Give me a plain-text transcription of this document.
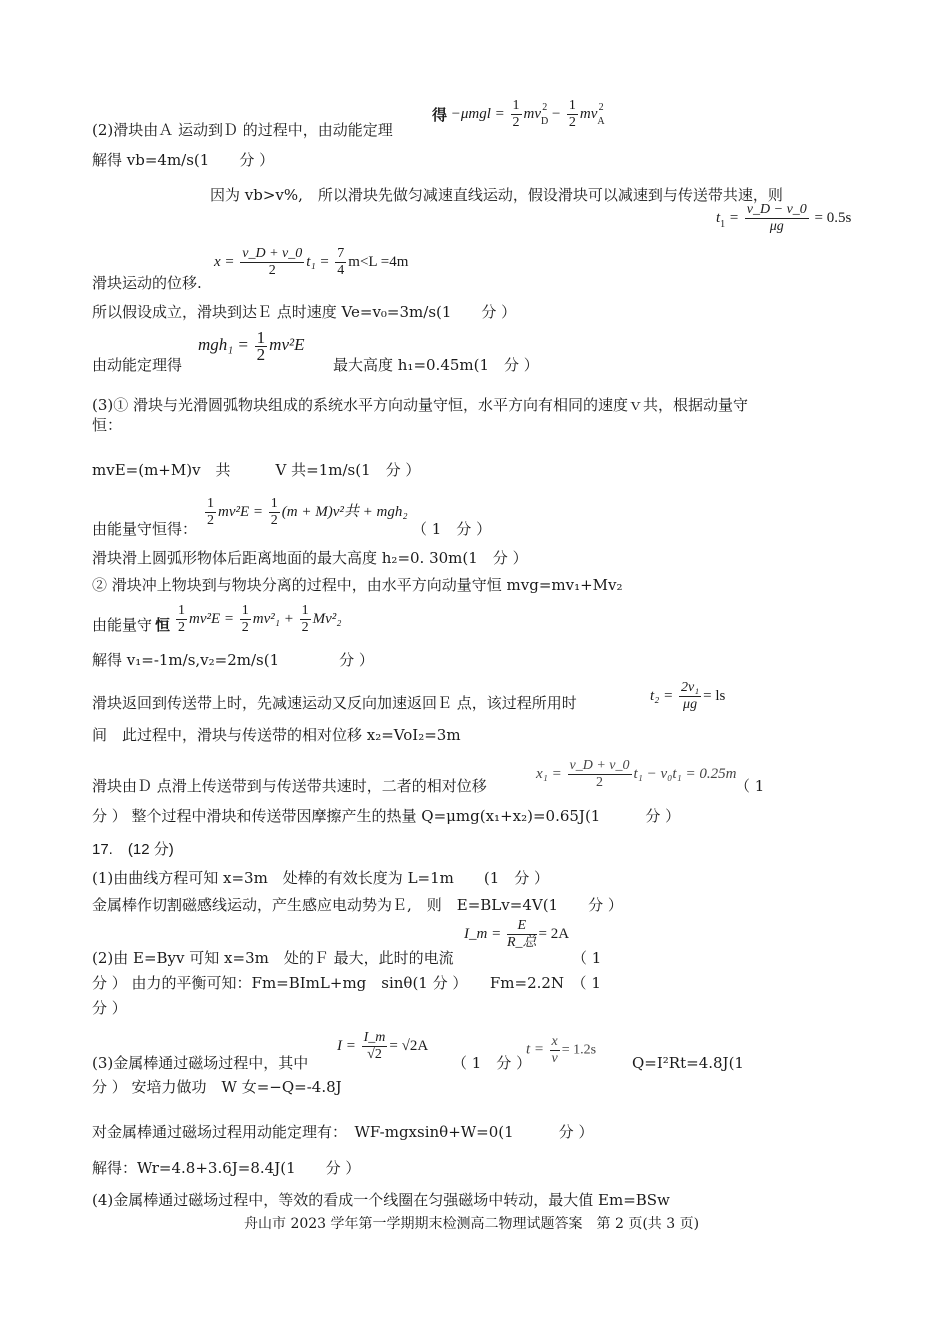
(2)滑块由Ａ 运动到Ｄ 的过程中，由动能定理
得 $-\mu mgl = \frac{1}{2} mv_D^2 - \frac{1}{2} mv_A^2$
解得 vb=4m/s(1　　分 ）
因为 vb>v%,　所以滑块先做匀减速直线运动，假设滑块可以减速到与传送带共速，则
$t_1 = \frac{v\_D - v\_0}{\mu g} = 0.5s$
滑块运动的位移.
$x = \frac{v\_D + v\_0}{2} t_1 = \frac{7}{4} m<L =4m$
所以假设成立，滑块到达Ｅ 点时速度 Ve=v₀=3m/s(1　　分 ）
由动能定理得
$mgh_1 = \frac{1}{2} mv^2E$
最大高度 h₁=0.45m(1　分 ）
(3)① 滑块与光滑圆弧物块组成的系统水平方向动量守恒，水平方向有相同的速度ｖ共，根据动量守
恒：
mvE=(m+M)v　共　　　V 共=1m/s(1　分 ）
由能量守恒得： $\frac{1}{2} mv^2E = \frac{1}{2} (m + M)v^2$共 + mgh₂
（ 1　分 ）
滑块滑上圆弧形物体后距离地面的最大高度 h₂=0. 30m(1　分 ）
② 滑块冲上物块到与物块分离的过程中，由水平方向动量守恒 mvg=mv₁+Mv₂
由能量守 恒 $\frac{1}{2} mv^2E = \frac{1}{2} mv^2_1 + \frac{1}{2} Mv^2_2$
解得 v₁=-1m/s,v₂=2m/s(1　　　　分 ）
滑块返回到传送带上时，先减速运动又反向加速返回Ｅ 点，该过程所用时	$t_2 = \frac{\text{2v₁}}{\mu g}$ = ls
间　此过程中，滑块与传送带的相对位移 x₂=VoI₂=3m
滑块由Ｄ 点滑上传送带到与传送带共速时，二者的相对位移
$x_1 = \frac{v\_D + v\_0}{2} t_1 - v_0t_1 = 0.25m$
（ 1
分 ） 整个过程中滑块和传送带因摩擦产生的热量 Q=μmg(x₁+x₂)=0.65J(1　　　分 ）
17.　(12 分)
(1)由曲线方程可知 x=3m　处棒的有效长度为 L=1m　　(1　分 ）
金属棒作切割磁感线运动，产生感应电动势为Ｅ,　则　E=BLv=4V(1　　分 ）
(2)由 E=Byv 可知 x=3m　处的Ｆ 最大，此时的电流
I_m = $\frac{E}{\text{R\_总}} = 2A$
（ 1
分 ） 由力的平衡可知：Fm=BImL+mg　sinθ(1 分 ）　　Fm=2.2N　（ 1
分 ）
(3)金属棒通过磁场过程中，其中
$I = \frac{I\_m}{√2} = √2A$
（ 1　分 ）
$t = \frac{x}{v} = 1.2s$
Q=I²Rt=4.8J(1
分 ） 安培力做功　W 女=−Q=-4.8J
对金属棒通过磁场过程用动能定理有：　WF-mgxsinθ+W=0(1　　　分 ）
解得：Wr=4.8+3.6J=8.4J(1　　分 ）
(4)金属棒通过磁场过程中，等效的看成一个线圈在匀强磁场中转动，最大值 Em=BSw
舟山市 2023 学年第一学期期末检测高二物理试题答案　第 2 页(共 3 页)
